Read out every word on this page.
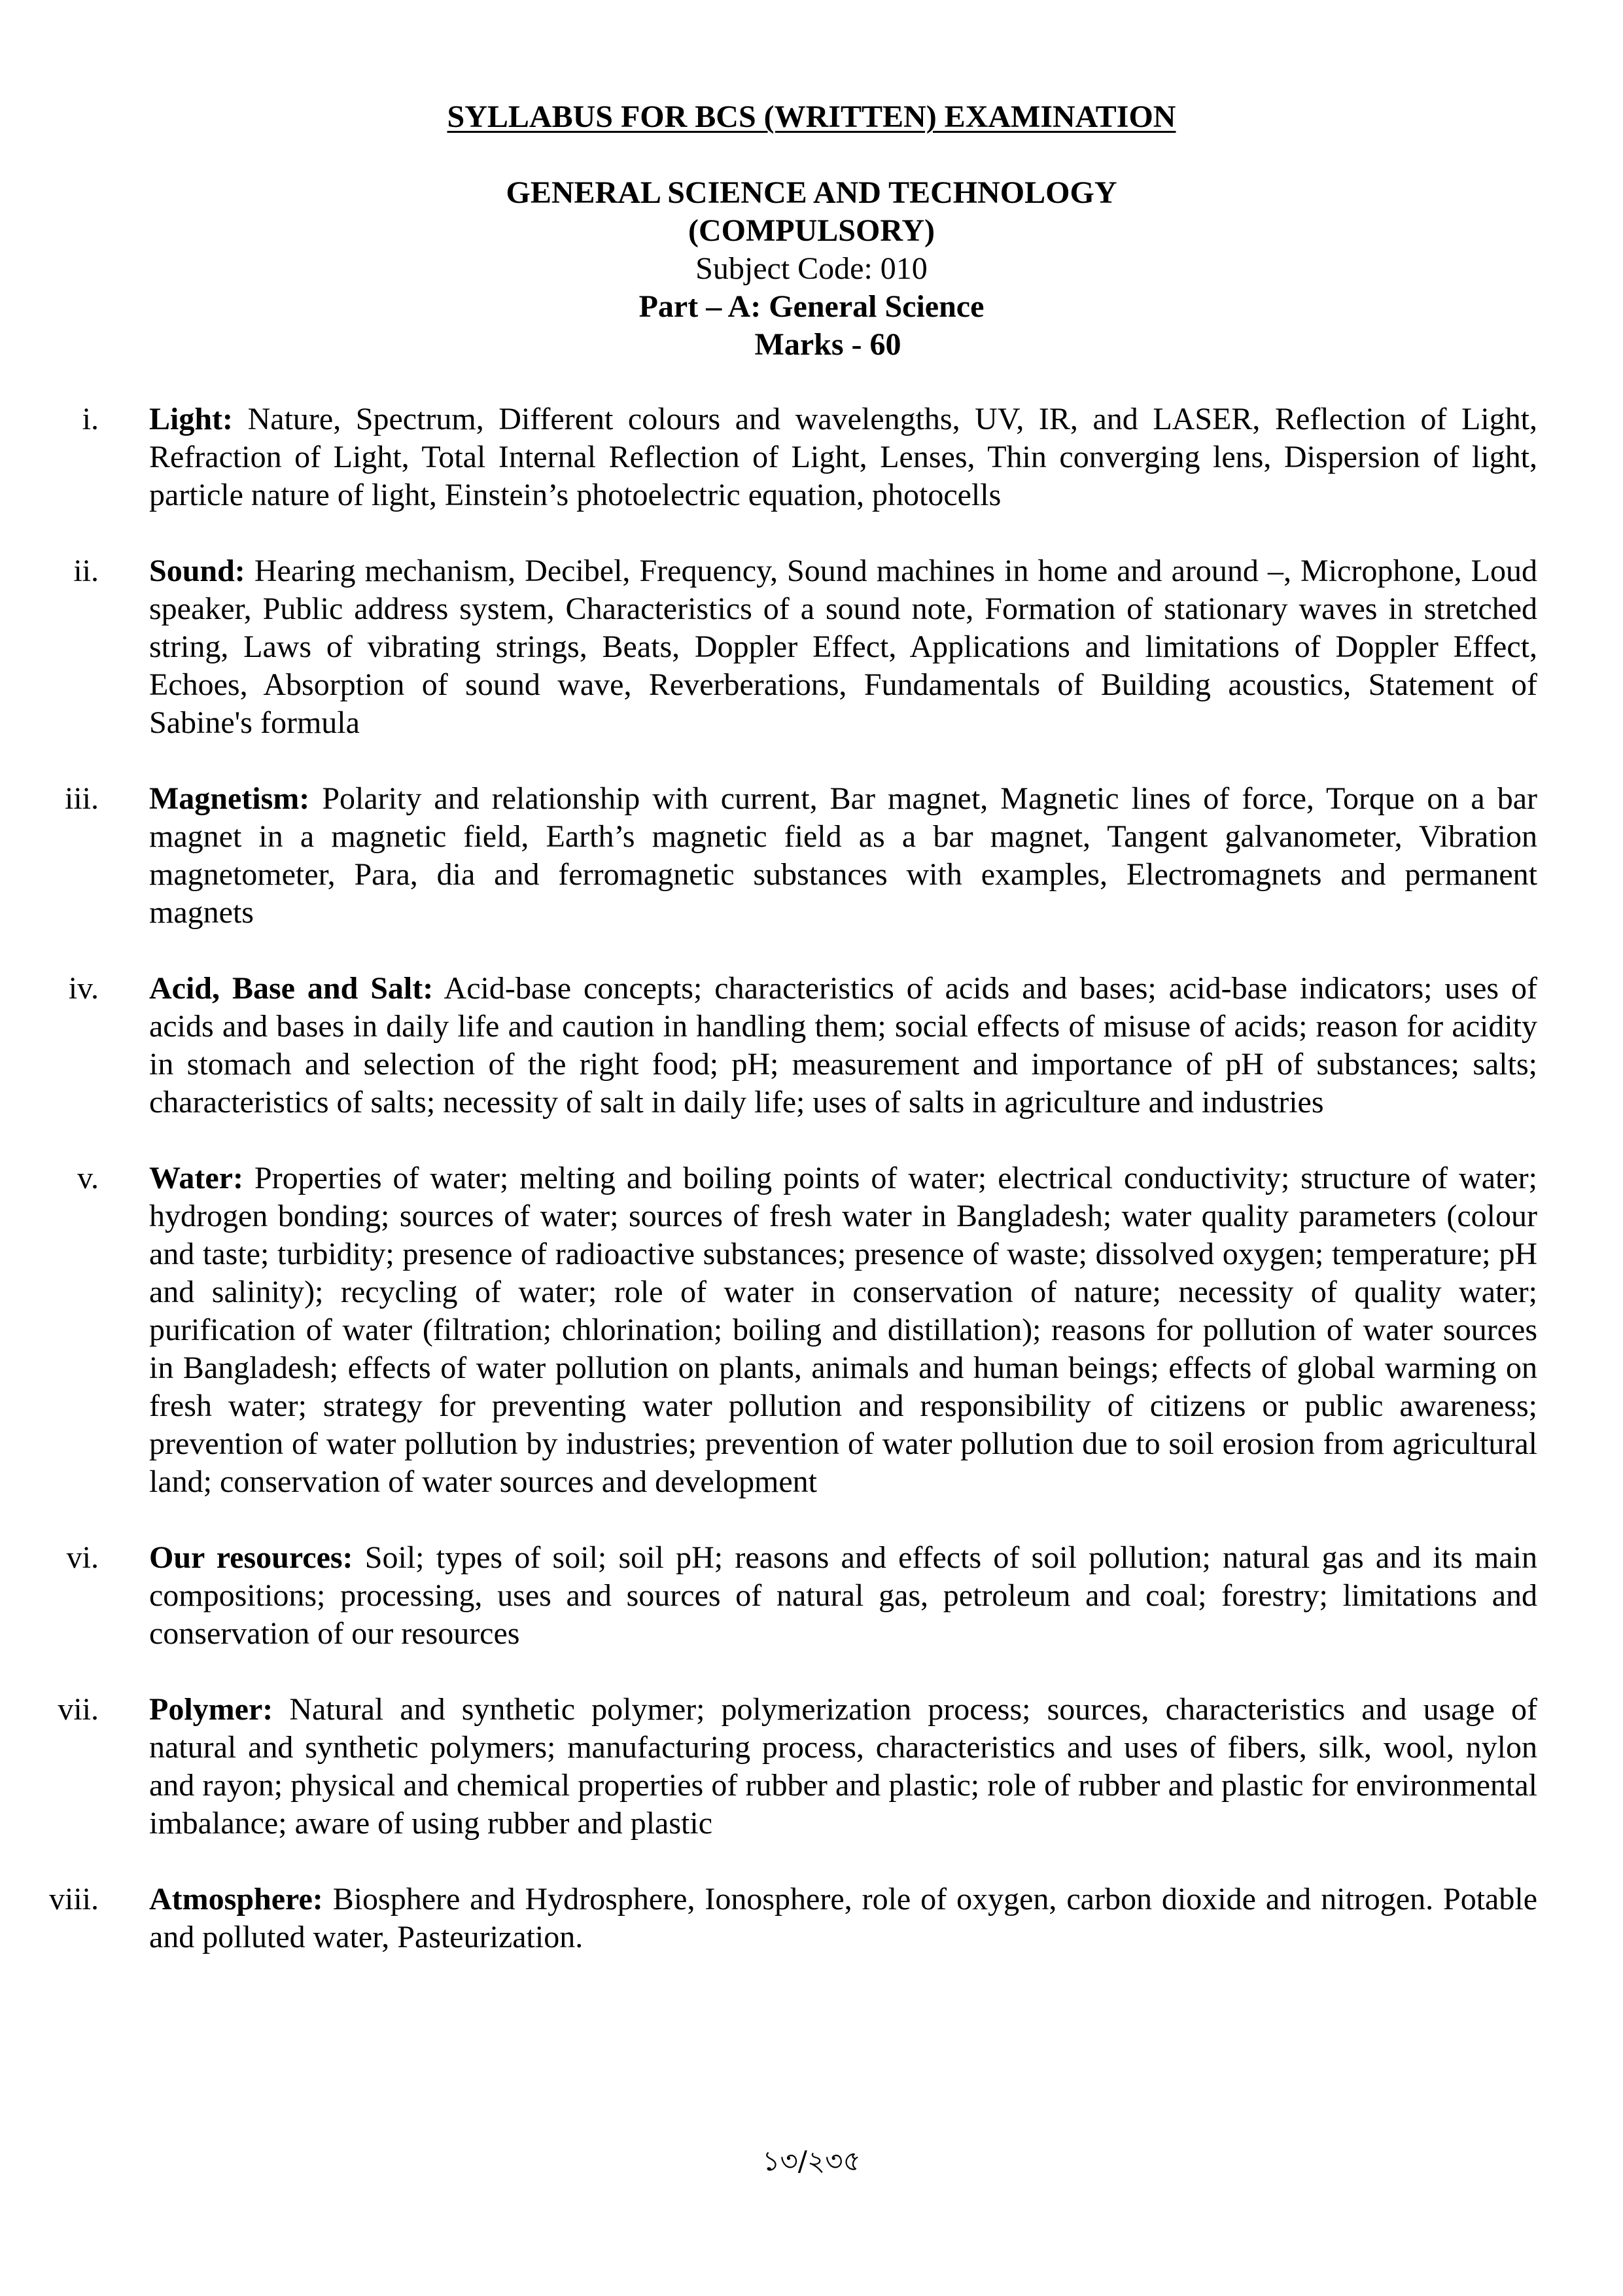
SYLLABUS FOR BCS (WRITTEN) EXAMINATION
GENERAL SCIENCE AND TECHNOLOGY
(COMPULSORY)
Subject Code: 010
Part – A: General Science
Marks - 60
i. Light: Nature, Spectrum, Different colours and wavelengths, UV, IR, and LASER, Reflection of Light, Refraction of Light, Total Internal Reflection of Light, Lenses, Thin converging lens, Dispersion of light, particle nature of light, Einstein’s photoelectric equation, photocells
ii. Sound: Hearing mechanism, Decibel, Frequency, Sound machines in home and around –, Microphone, Loud speaker, Public address system, Characteristics of a sound note, Formation of stationary waves in stretched string, Laws of vibrating strings, Beats, Doppler Effect, Applications and limitations of Doppler Effect, Echoes, Absorption of sound wave, Reverberations, Fundamentals of Building acoustics, Statement of Sabine's formula
iii. Magnetism: Polarity and relationship with current, Bar magnet, Magnetic lines of force, Torque on a bar magnet in a magnetic field, Earth’s magnetic field as a bar magnet, Tangent galvanometer, Vibration magnetometer, Para, dia and ferromagnetic substances with examples, Electromagnets and permanent magnets
iv. Acid, Base and Salt: Acid-base concepts; characteristics of acids and bases; acid-base indicators; uses of acids and bases in daily life and caution in handling them; social effects of misuse of acids; reason for acidity in stomach and selection of the right food; pH; measurement and importance of pH of substances; salts; characteristics of salts; necessity of salt in daily life; uses of salts in agriculture and industries
v. Water: Properties of water; melting and boiling points of water; electrical conductivity; structure of water; hydrogen bonding; sources of water; sources of fresh water in Bangladesh; water quality parameters (colour and taste; turbidity; presence of radioactive substances; presence of waste; dissolved oxygen; temperature; pH and salinity); recycling of water; role of water in conservation of nature; necessity of quality water; purification of water (filtration; chlorination; boiling and distillation); reasons for pollution of water sources in Bangladesh; effects of water pollution on plants, animals and human beings; effects of global warming on fresh water; strategy for preventing water pollution and responsibility of citizens or public awareness; prevention of water pollution by industries; prevention of water pollution due to soil erosion from agricultural land; conservation of water sources and development
vi. Our resources: Soil; types of soil; soil pH; reasons and effects of soil pollution; natural gas and its main compositions; processing, uses and sources of natural gas, petroleum and coal; forestry; limitations and conservation of our resources
vii. Polymer: Natural and synthetic polymer; polymerization process; sources, characteristics and usage of natural and synthetic polymers; manufacturing process, characteristics and uses of fibers, silk, wool, nylon and rayon; physical and chemical properties of rubber and plastic; role of rubber and plastic for environmental imbalance; aware of using rubber and plastic
viii. Atmosphere: Biosphere and Hydrosphere, Ionosphere, role of oxygen, carbon dioxide and nitrogen. Potable and polluted water, Pasteurization.
১৩/২৩৫
